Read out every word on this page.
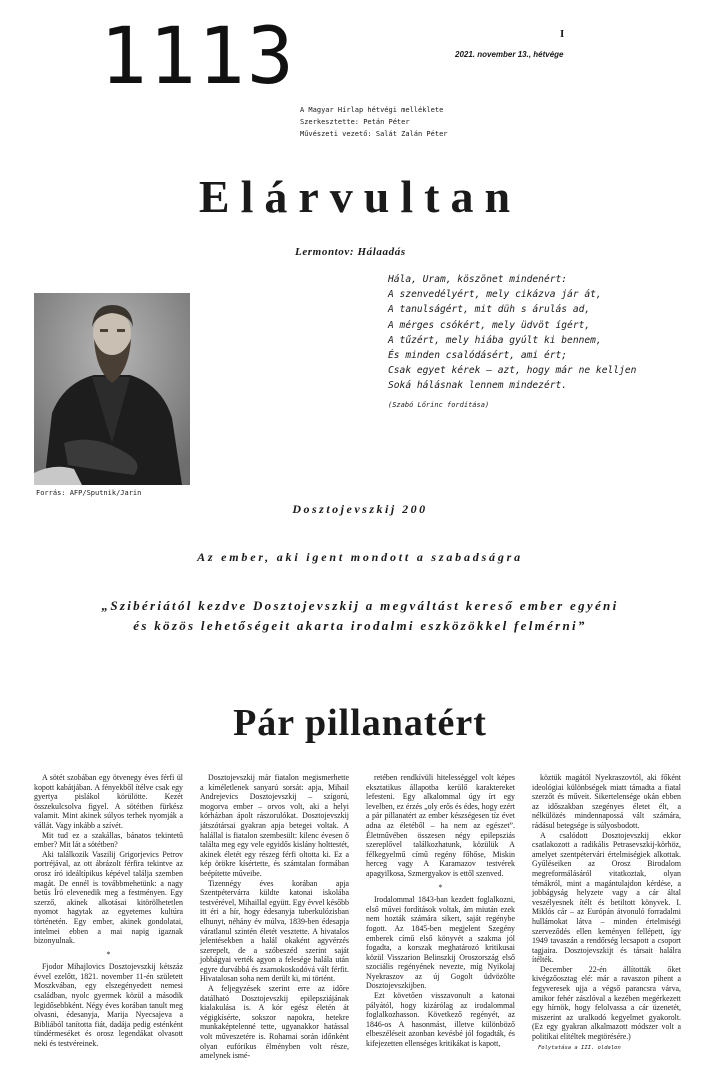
1113	2021. november 13., hétvége
I
A Magyar Hírlap hétvégi melléklete
Szerkesztette: Petán Péter
Művészeti vezető: Salát Zalán Péter
Elárvultan
Lermontov: Hálaadás
Hála, Uram, köszönet mindenért:
A szenvedélyért, mely cikázva jár át,
A tanulságért, mit düh s árulás ad,
A mérges csókért, mely üdvöt ígért,
A tűzért, mely hiába gyúlt ki bennem,
És minden csalódásért, ami ért;
Csak egyet kérek – azt, hogy már ne kelljen
Soká hálásnak lennem mindezért.
(Szabó Lőrinc fordítása)
Forrás: AFP/Sputnik/Jarin
Dosztojevszkij 200
Az ember, aki igent mondott a szabadságra
„Szibériától kezdve Dosztojevszkij a megváltást kereső ember egyéni
és közös lehetőségeit akarta irodalmi eszközökkel felmérni”
Pár pillanatért

A sötét szobában egy ötvenegy éves férfi ül kopott kabátjában. A fényekből ítélve csak egy gyertya pislákol körülötte. Kezét összekulcsolva figyel. A sötétben fürkész valamit. Mint akinek súlyos terhek nyomják a vállát. Vagy inkább a szívét.

Mit tud ez a szakállas, bánatos tekintetű ember? Mit lát a sötétben?

Aki találkozik Vaszilij Grigorjevics Petrov portréjával, az ott ábrázolt férfira tekintve az orosz író ideáltípikus képével találja szemben magát. De ennél is továbbmehetünk: a nagy betűs Író elevenedik meg a festményen. Egy szerző, akinek alkotásai kitörölhetetlen nyomot hagytak az egyetemes kultúra történetén. Egy ember, akinek gondolatai, intelmei ebben a mai napig igaznak bizonyulnak.

*

Fjodor Mihajlovics Dosztojevszkij kétszáz évvel ezelőtt, 1821. november 11-én született Moszkvában, egy elszegényedett nemesi családban, nyolc gyermek közül a második legidősebbként. Négy éves korában tanult meg olvasni, édesanyja, Marija Nyecsajeva a Bibliából tanította fiát, dadája pedig esténként tündérmeséket és orosz legendákat olvasott neki és testvéreinek.

Dosztojevszkij már fiatalon megismerhette a kíméletlenek sanyarú sorsát: apja, Mihail Andrejevics Dosztojevszkij – szigorú, mogorva ember – orvos volt, aki a helyi kórházban ápolt rászorulókat. Dosztojevszkij játszótársai gyakran apja betegei voltak. A halállal is fiatalon szembesült: kilenc évesen ő találta meg egy vele egyidős kislány holttestét, akinek életét egy részeg férfi oltotta ki. Ez a kép örökre kísértette, és számtalan formában beépítette műveibe.

Tizennégy éves korában apja Szentpétervárra küldte katonai iskolába testvérével, Mihaillal együtt. Egy évvel később itt éri a hír, hogy édesanyja tuberkulózisban elhunyt, néhány év múlva, 1839-ben édesapja váratlanul szintén életét vesztette. A hivatalos jelentésekben a halál okaként agyvérzés szerepelt, de a szóbeszéd szerint saját jobbágyai verték agyon a felesége halála után egyre durvábbá és zsarnokoskodóvá vált férfit. Hivatalosan soha nem derült ki, mi történt.

A feljegyzések szerint erre az időre datálható Dosztojevszkij epilepsziájának kialakulása is. A kór egész életén át végigkísérte, sokszor napokra, hetekre munkaképtelenné tette, ugyanakkor hatással volt műveszetére is. Rohamai során időnként olyan eufórikus élményben volt része, amelynek ismé-

retében rendkívüli hitelességgel volt képes eksztatikus állapotba kerülő karaktereket lefesteni. Egy alkalommal úgy írt egy levelben, ez érzés „oly erős és édes, hogy ezért a pár pillanatért az ember készségesen tíz évet adna az életéből – ha nem az egészet”. Életművében összesen négy epilepsziás szereplővel találkozhatunk, közülük A félkegyelmű című regény főhőse, Miskin herceg vagy A Karamazov testvérek apagyilkosa, Szmergyakov is ettől szenved.

*

Irodalommal 1843-ban kezdett foglalkozni, első művei fordítások voltak, ám miután ezek nem hozták számára sikert, saját regénybe fogott. Az 1845-ben megjelent Szegény emberek című első könyvét a szakma jól fogadta, a korszak meghatározó kritikusai közül Visszarion Belinszkij Oroszország első szociális regényének nevezte, míg Nyikolaj Nyekraszov az új Gogolt üdvözölte Dosztojevszkijben.

Ezt követően visszavonult a katonai pályától, hogy kizárólag az irodalommal foglalkozhasson. Következő regényét, az 1846-os A hasonmást, illetve különböző elbeszéléseit azonban kevésbé jól fogadták, és kifejezetten ellenséges kritikákat is kapott,

köztük magától Nyekraszovtól, aki főként ideológiai különbségek miatt támadta a fiatal szerzőt és műveit. Sikertelensége okán ebben az időszakban szegényes életet élt, a nélkülözés mindennapossá vált számára, rádásul betegsége is súlyosbodott.

A csalódott Dosztojevszkij ekkor csatlakozott a radikális Petrasevszkij-körhöz, amelyet szentpétervári értelmiségiek alkottak. Gyűléseiken az Orosz Birodalom megreformálásáról vitatkoztak, olyan témákról, mint a magántulajdon kérdése, a jobbágyság helyzete vagy a cár által veszélyesnek ítélt és betiltott könyvek. I. Miklós cár – az Európán átvonuló forradalmi hullámokat látva – minden értelmiségi szerveződés ellen keményen fellépett, így 1949 tavaszán a rendőrség lecsapott a csoport tagjaira. Dosztojevszkijt és társait halálra ítélték.

December 22-én állították őket kivégzőosztag elé: már a ravaszon pihent a fegyveresek ujja a végső parancsra várva, amikor fehér zászlóval a kezében megérkezett egy hírnök, hogy felolvassa a cár üzenetét, miszerint az uralkodó kegyelmet gyakorolt. (Ez egy gyakran alkalmazott módszer volt a politikai elítéltek megtörésére.)

Folytatása a III. oldalon
